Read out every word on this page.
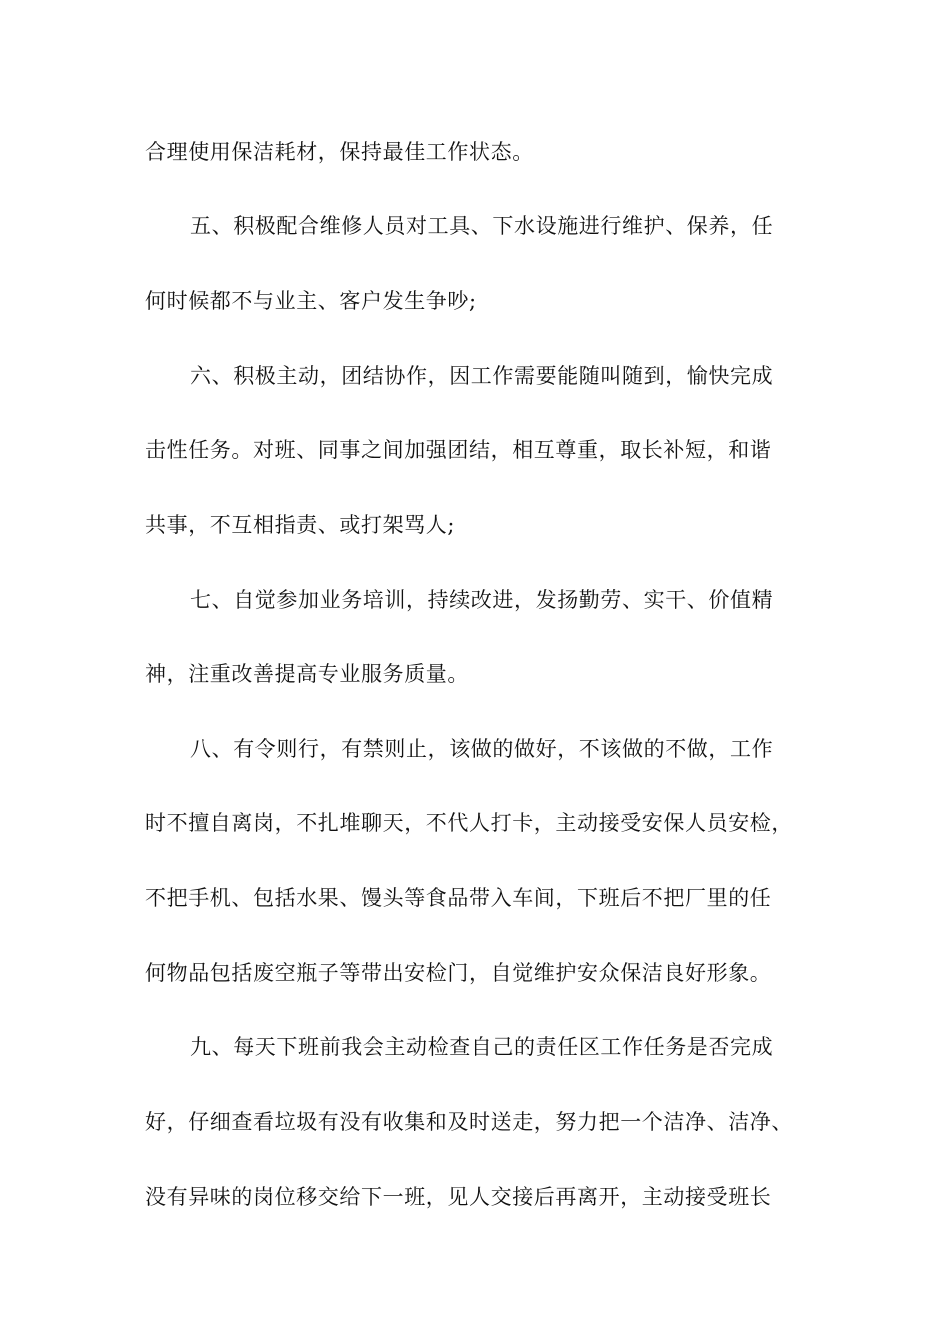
合理使用保洁耗材，保持最佳工作状态。
五、积极配合维修人员对工具、下水设施进行维护、保养，任
何时候都不与业主、客户发生争吵;
六、积极主动，团结协作，因工作需要能随叫随到，愉快完成
击性任务。对班、同事之间加强团结，相互尊重，取长补短，和谐
共事，不互相指责、或打架骂人;
七、自觉参加业务培训，持续改进，发扬勤劳、实干、价值精
神，注重改善提高专业服务质量。
八、有令则行，有禁则止，该做的做好，不该做的不做，工作
时不擅自离岗，不扎堆聊天，不代人打卡，主动接受安保人员安检，
不把手机、包括水果、馒头等食品带入车间，下班后不把厂里的任
何物品包括废空瓶子等带出安检门，自觉维护安众保洁良好形象。
九、每天下班前我会主动检查自己的责任区工作任务是否完成
好，仔细查看垃圾有没有收集和及时送走，努力把一个洁净、洁净、
没有异味的岗位移交给下一班，见人交接后再离开，主动接受班长
